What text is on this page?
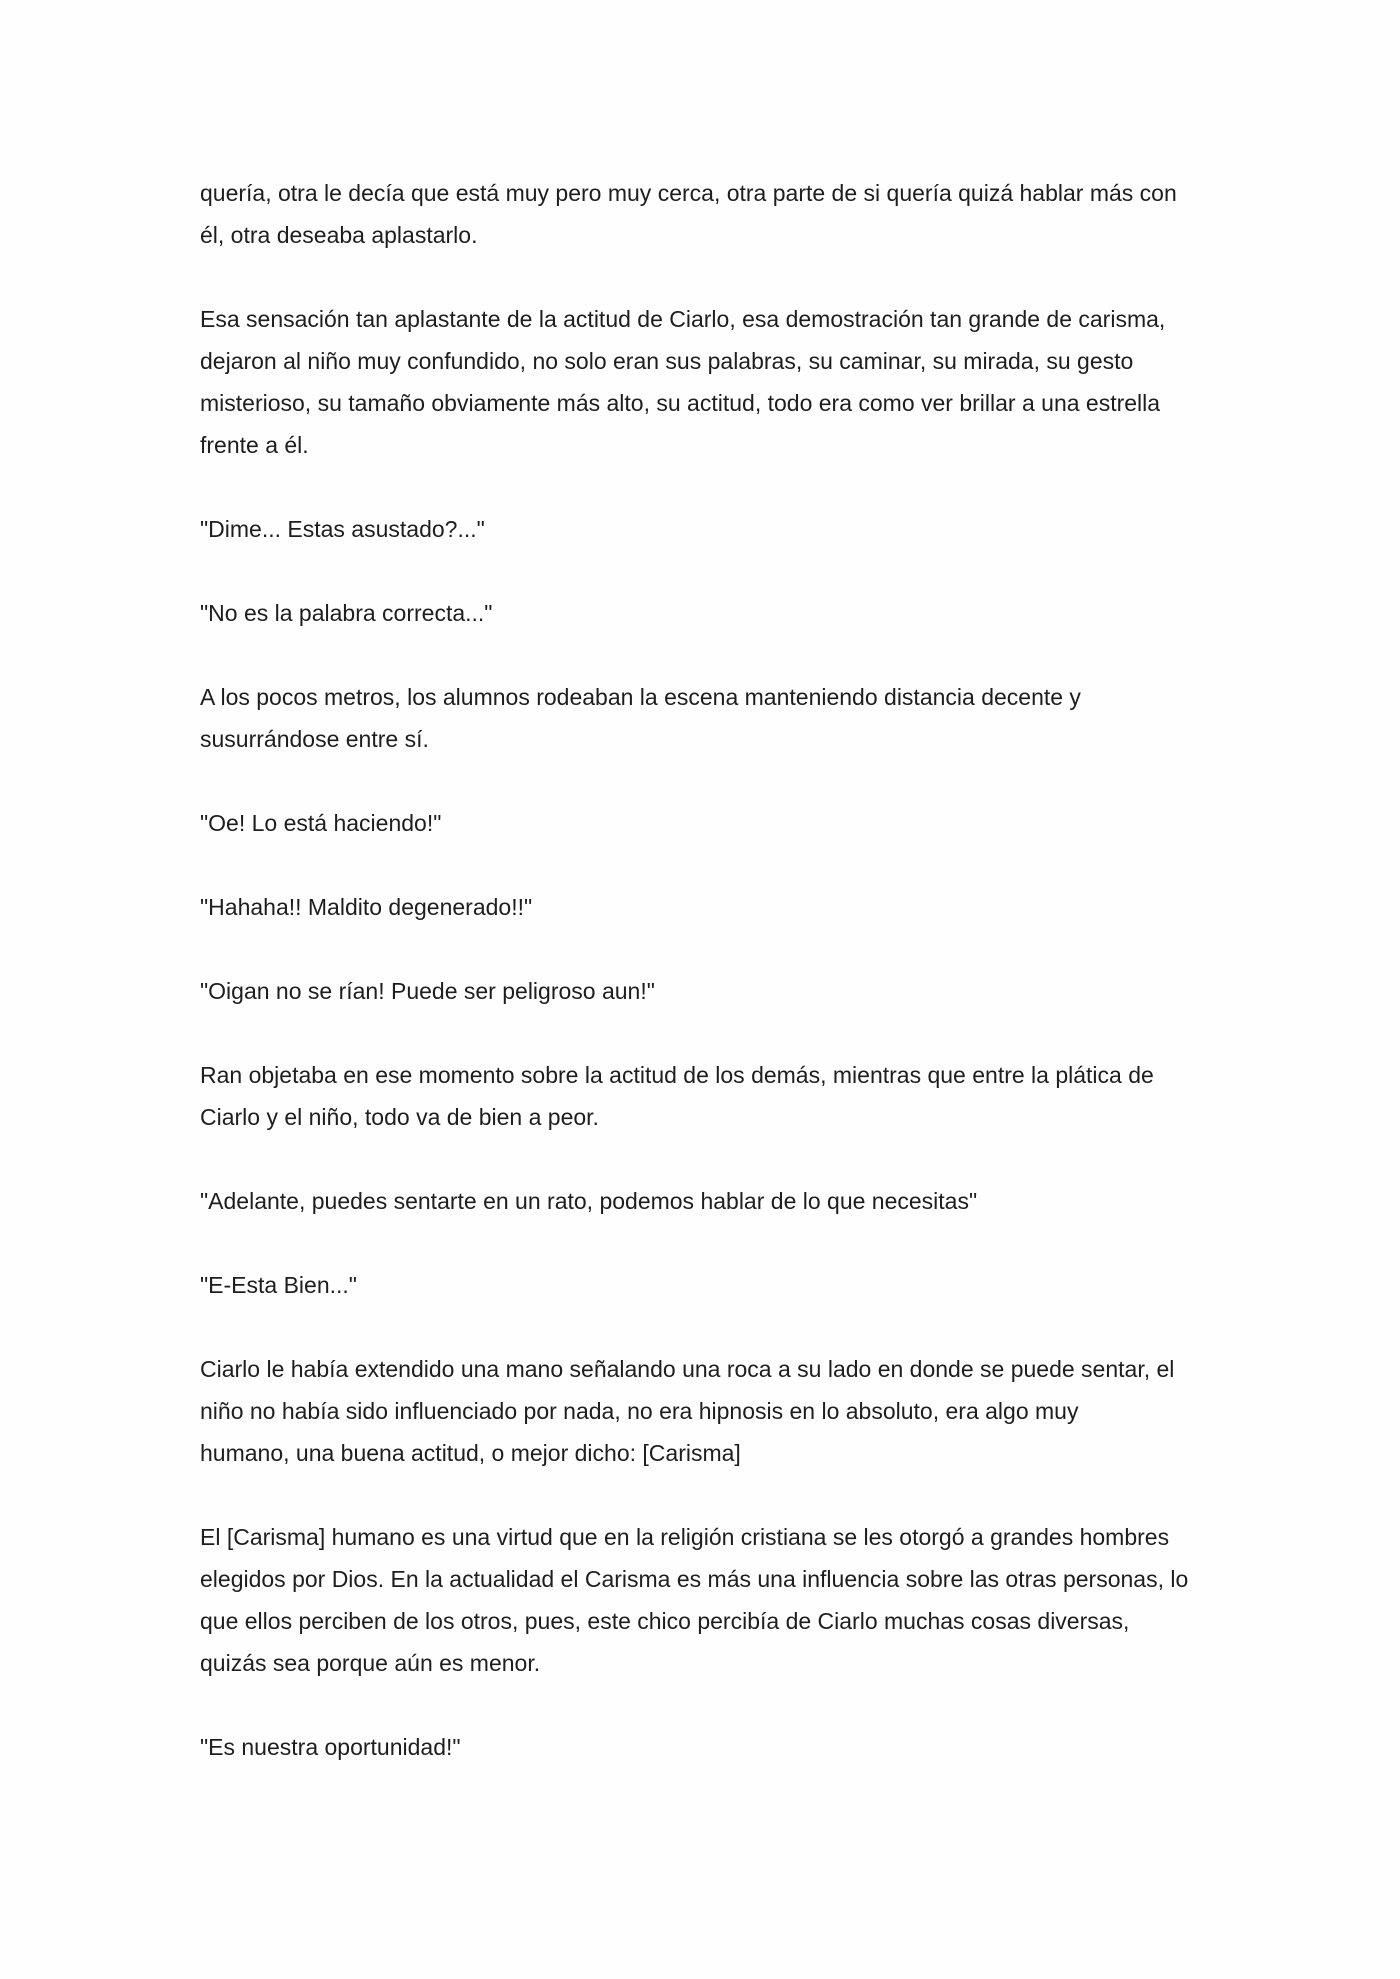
quería, otra le decía que está muy pero muy cerca, otra parte de si quería quizá hablar más con
él, otra deseaba aplastarlo.

Esa sensación tan aplastante de la actitud de Ciarlo, esa demostración tan grande de carisma,
dejaron al niño muy confundido, no solo eran sus palabras, su caminar, su mirada, su gesto
misterioso, su tamaño obviamente más alto, su actitud, todo era como ver brillar a una estrella
frente a él.

"Dime... Estas asustado?..."

"No es la palabra correcta..."

A los pocos metros, los alumnos rodeaban la escena manteniendo distancia decente y
susurrándose entre sí.

"Oe! Lo está haciendo!"

"Hahaha!! Maldito degenerado!!"

"Oigan no se rían! Puede ser peligroso aun!"

Ran objetaba en ese momento sobre la actitud de los demás, mientras que entre la plática de
Ciarlo y el niño, todo va de bien a peor.

"Adelante, puedes sentarte en un rato, podemos hablar de lo que necesitas"

"E-Esta Bien..."

Ciarlo le había extendido una mano señalando una roca a su lado en donde se puede sentar, el
niño no había sido influenciado por nada, no era hipnosis en lo absoluto, era algo muy
humano, una buena actitud, o mejor dicho: [Carisma]

El [Carisma] humano es una virtud que en la religión cristiana se les otorgó a grandes hombres
elegidos por Dios. En la actualidad el Carisma es más una influencia sobre las otras personas, lo
que ellos perciben de los otros, pues, este chico percibía de Ciarlo muchas cosas diversas,
quizás sea porque aún es menor.

"Es nuestra oportunidad!"
